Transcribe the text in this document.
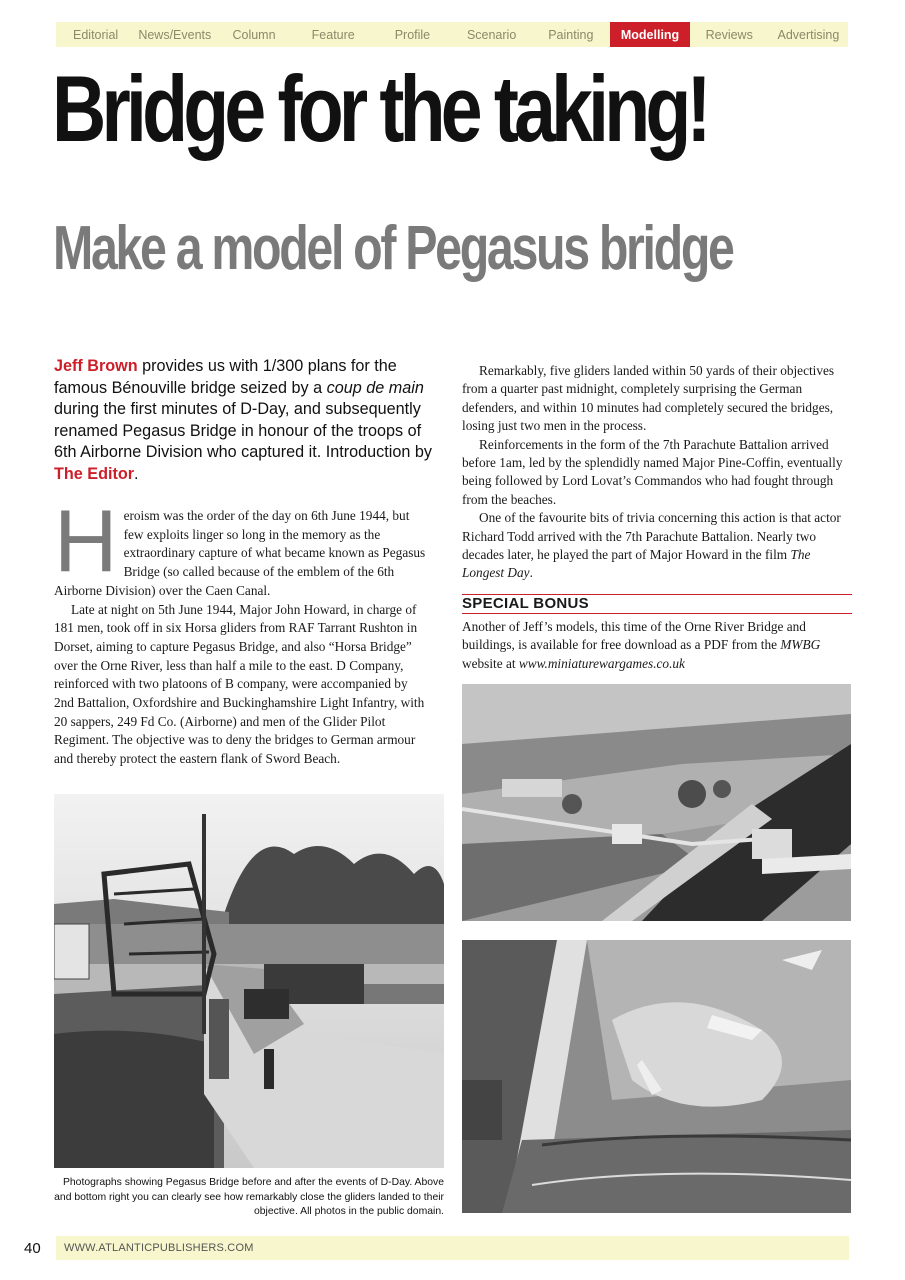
Editorial	News/Events	Column	Feature	Profile	Scenario	Painting	Modelling	Reviews	Advertising
Bridge for the taking!
Make a model of Pegasus bridge
Jeff Brown provides us with 1/300 plans for the famous Bénouville bridge seized by a coup de main during the first minutes of D-Day, and subsequently renamed Pegasus Bridge in honour of the troops of 6th Airborne Division who captured it. Introduction by The Editor.

Heroism was the order of the day on 6th June 1944, but few exploits linger so long in the memory as the extraordinary capture of what became known as Pegasus Bridge (so called because of the emblem of the 6th Airborne Division) over the Caen Canal.

Late at night on 5th June 1944, Major John Howard, in charge of 181 men, took off in six Horsa gliders from RAF Tarrant Rushton in Dorset, aiming to capture Pegasus Bridge, and also “Horsa Bridge” over the Orne River, less than half a mile to the east. D Company, reinforced with two platoons of B company, were accompanied by 2nd Battalion, Oxfordshire and Buckinghamshire Light Infantry, with 20 sappers, 249 Fd Co. (Airborne) and men of the Glider Pilot Regiment. The objective was to deny the bridges to German armour and thereby protect the eastern flank of Sword Beach.

Remarkably, five gliders landed within 50 yards of their objectives from a quarter past midnight, completely surprising the German defenders, and within 10 minutes had completely secured the bridges, losing just two men in the process.

Reinforcements in the form of the 7th Parachute Battalion arrived before 1am, led by the splendidly named Major Pine-Coffin, eventually being followed by Lord Lovat’s Commandos who had fought through from the beaches.

One of the favourite bits of trivia concerning this action is that actor Richard Todd arrived with the 7th Parachute Battalion. Nearly two decades later, he played the part of Major Howard in the film The Longest Day.

SPECIAL BONUS
Another of Jeff’s models, this time of the Orne River Bridge and buildings, is available for free download as a PDF from the MWBG website at www.miniaturewargames.co.uk
Photographs showing Pegasus Bridge before and after the events of D-Day. Above and bottom right you can clearly see how remarkably close the gliders landed to their objective. All photos in the public domain.
40 WWW.ATLANTICPUBLISHERS.COM
